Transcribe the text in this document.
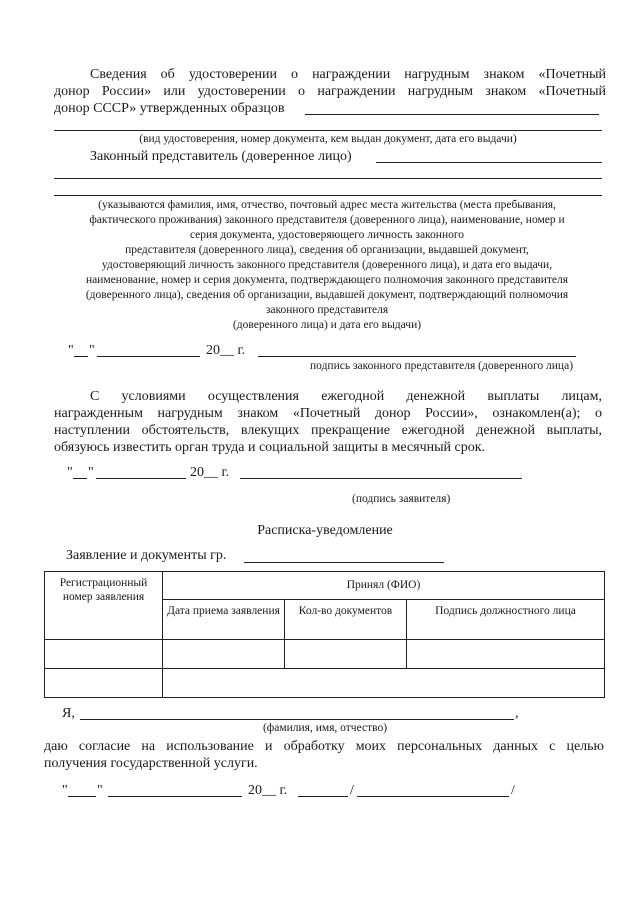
Сведения об удостоверении о награждении нагрудным знаком «Почетный
донор России» или удостоверении о награждении нагрудным знаком «Почетный
донор СССР» утвержденных образцов
(вид удостоверения, номер документа, кем выдан документ, дата его выдачи)
Законный представитель (доверенное лицо)
(указываются фамилия, имя, отчество, почтовый адрес места жительства (места пребывания,
фактического проживания) законного представителя (доверенного лица), наименование, номер и
серия документа, удостоверяющего личность законного
представителя (доверенного лица), сведения об организации, выдавшей документ,
удостоверяющий личность законного представителя (доверенного лица), и дата его выдачи,
наименование, номер и серия документа, подтверждающего полномочия законного представителя
(доверенного лица), сведения об организации, выдавшей документ, подтверждающий полномочия
законного представителя
(доверенного лица) и дата его выдачи)
" "	20__ г.
подпись законного представителя (доверенного лица)
С условиями осуществления ежегодной денежной выплаты лицам,
награжденным нагрудным знаком «Почетный донор России», ознакомлен(а); о
наступлении обстоятельств, влекущих прекращение ежегодной денежной выплаты,
обязуюсь известить орган труда и социальной защиты в месячный срок.
" "	20__ г.
(подпись заявителя)
Расписка-уведомление
Заявление и документы гр.
Регистрационный номер заявления	Принял (ФИО)		
	Дата приема заявления	Кол-во документов	Подпись должностного лица

Я,	,
(фамилия, имя, отчество)
даю согласие на использование и обработку моих персональных данных с целью
получения государственной услуги.
" "	20__ г.	/	/
